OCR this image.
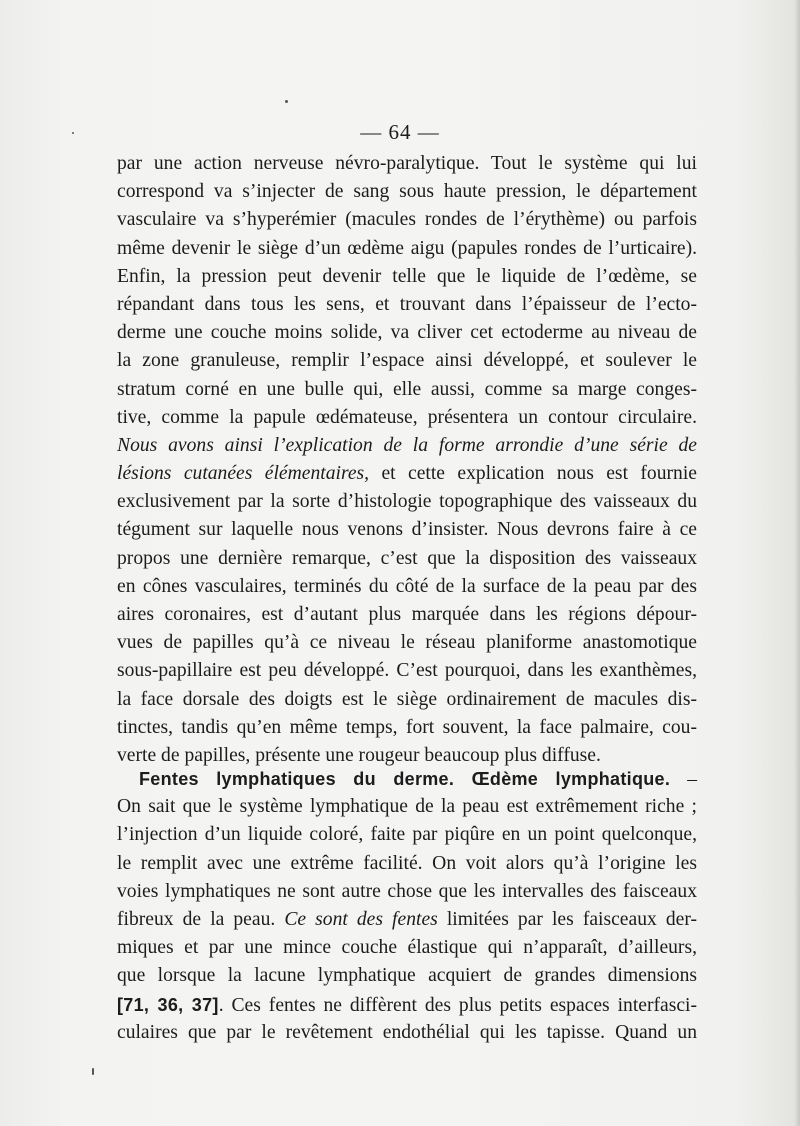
— 64 —
par une action nerveuse névro-paralytique. Tout le système qui lui
correspond va s’injecter de sang sous haute pression, le département
vasculaire va s’hyperémier (macules rondes de l’érythème) ou parfois
même devenir le siège d’un œdème aigu (papules rondes de l’urticaire).
Enfin, la pression peut devenir telle que le liquide de l’œdème, se
répandant dans tous les sens, et trouvant dans l’épaisseur de l’ecto-
derme une couche moins solide, va cliver cet ectoderme au niveau de
la zone granuleuse, remplir l’espace ainsi développé, et soulever le
stratum corné en une bulle qui, elle aussi, comme sa marge conges-
tive, comme la papule œdémateuse, présentera un contour circulaire.
Nous avons ainsi l’explication de la forme arrondie d’une série de
lésions cutanées élémentaires, et cette explication nous est fournie
exclusivement par la sorte d’histologie topographique des vaisseaux du
tégument sur laquelle nous venons d’insister. Nous devrons faire à ce
propos une dernière remarque, c’est que la disposition des vaisseaux
en cônes vasculaires, terminés du côté de la surface de la peau par des
aires coronaires, est d’autant plus marquée dans les régions dépour-
vues de papilles qu’à ce niveau le réseau planiforme anastomotique
sous-papillaire est peu développé. C’est pourquoi, dans les exanthèmes,
la face dorsale des doigts est le siège ordinairement de macules dis-
tinctes, tandis qu’en même temps, fort souvent, la face palmaire, cou-
verte de papilles, présente une rougeur beaucoup plus diffuse.
Fentes lymphatiques du derme. Œdème lymphatique. –
On sait que le système lymphatique de la peau est extrêmement riche ;
l’injection d’un liquide coloré, faite par piqûre en un point quelconque,
le remplit avec une extrême facilité. On voit alors qu’à l’origine les
voies lymphatiques ne sont autre chose que les intervalles des faisceaux
fibreux de la peau. Ce sont des fentes limitées par les faisceaux der-
miques et par une mince couche élastique qui n’apparaît, d’ailleurs,
que lorsque la lacune lymphatique acquiert de grandes dimensions
[71, 36, 37]. Ces fentes ne diffèrent des plus petits espaces interfasci-
culaires que par le revêtement endothélial qui les tapisse. Quand un
